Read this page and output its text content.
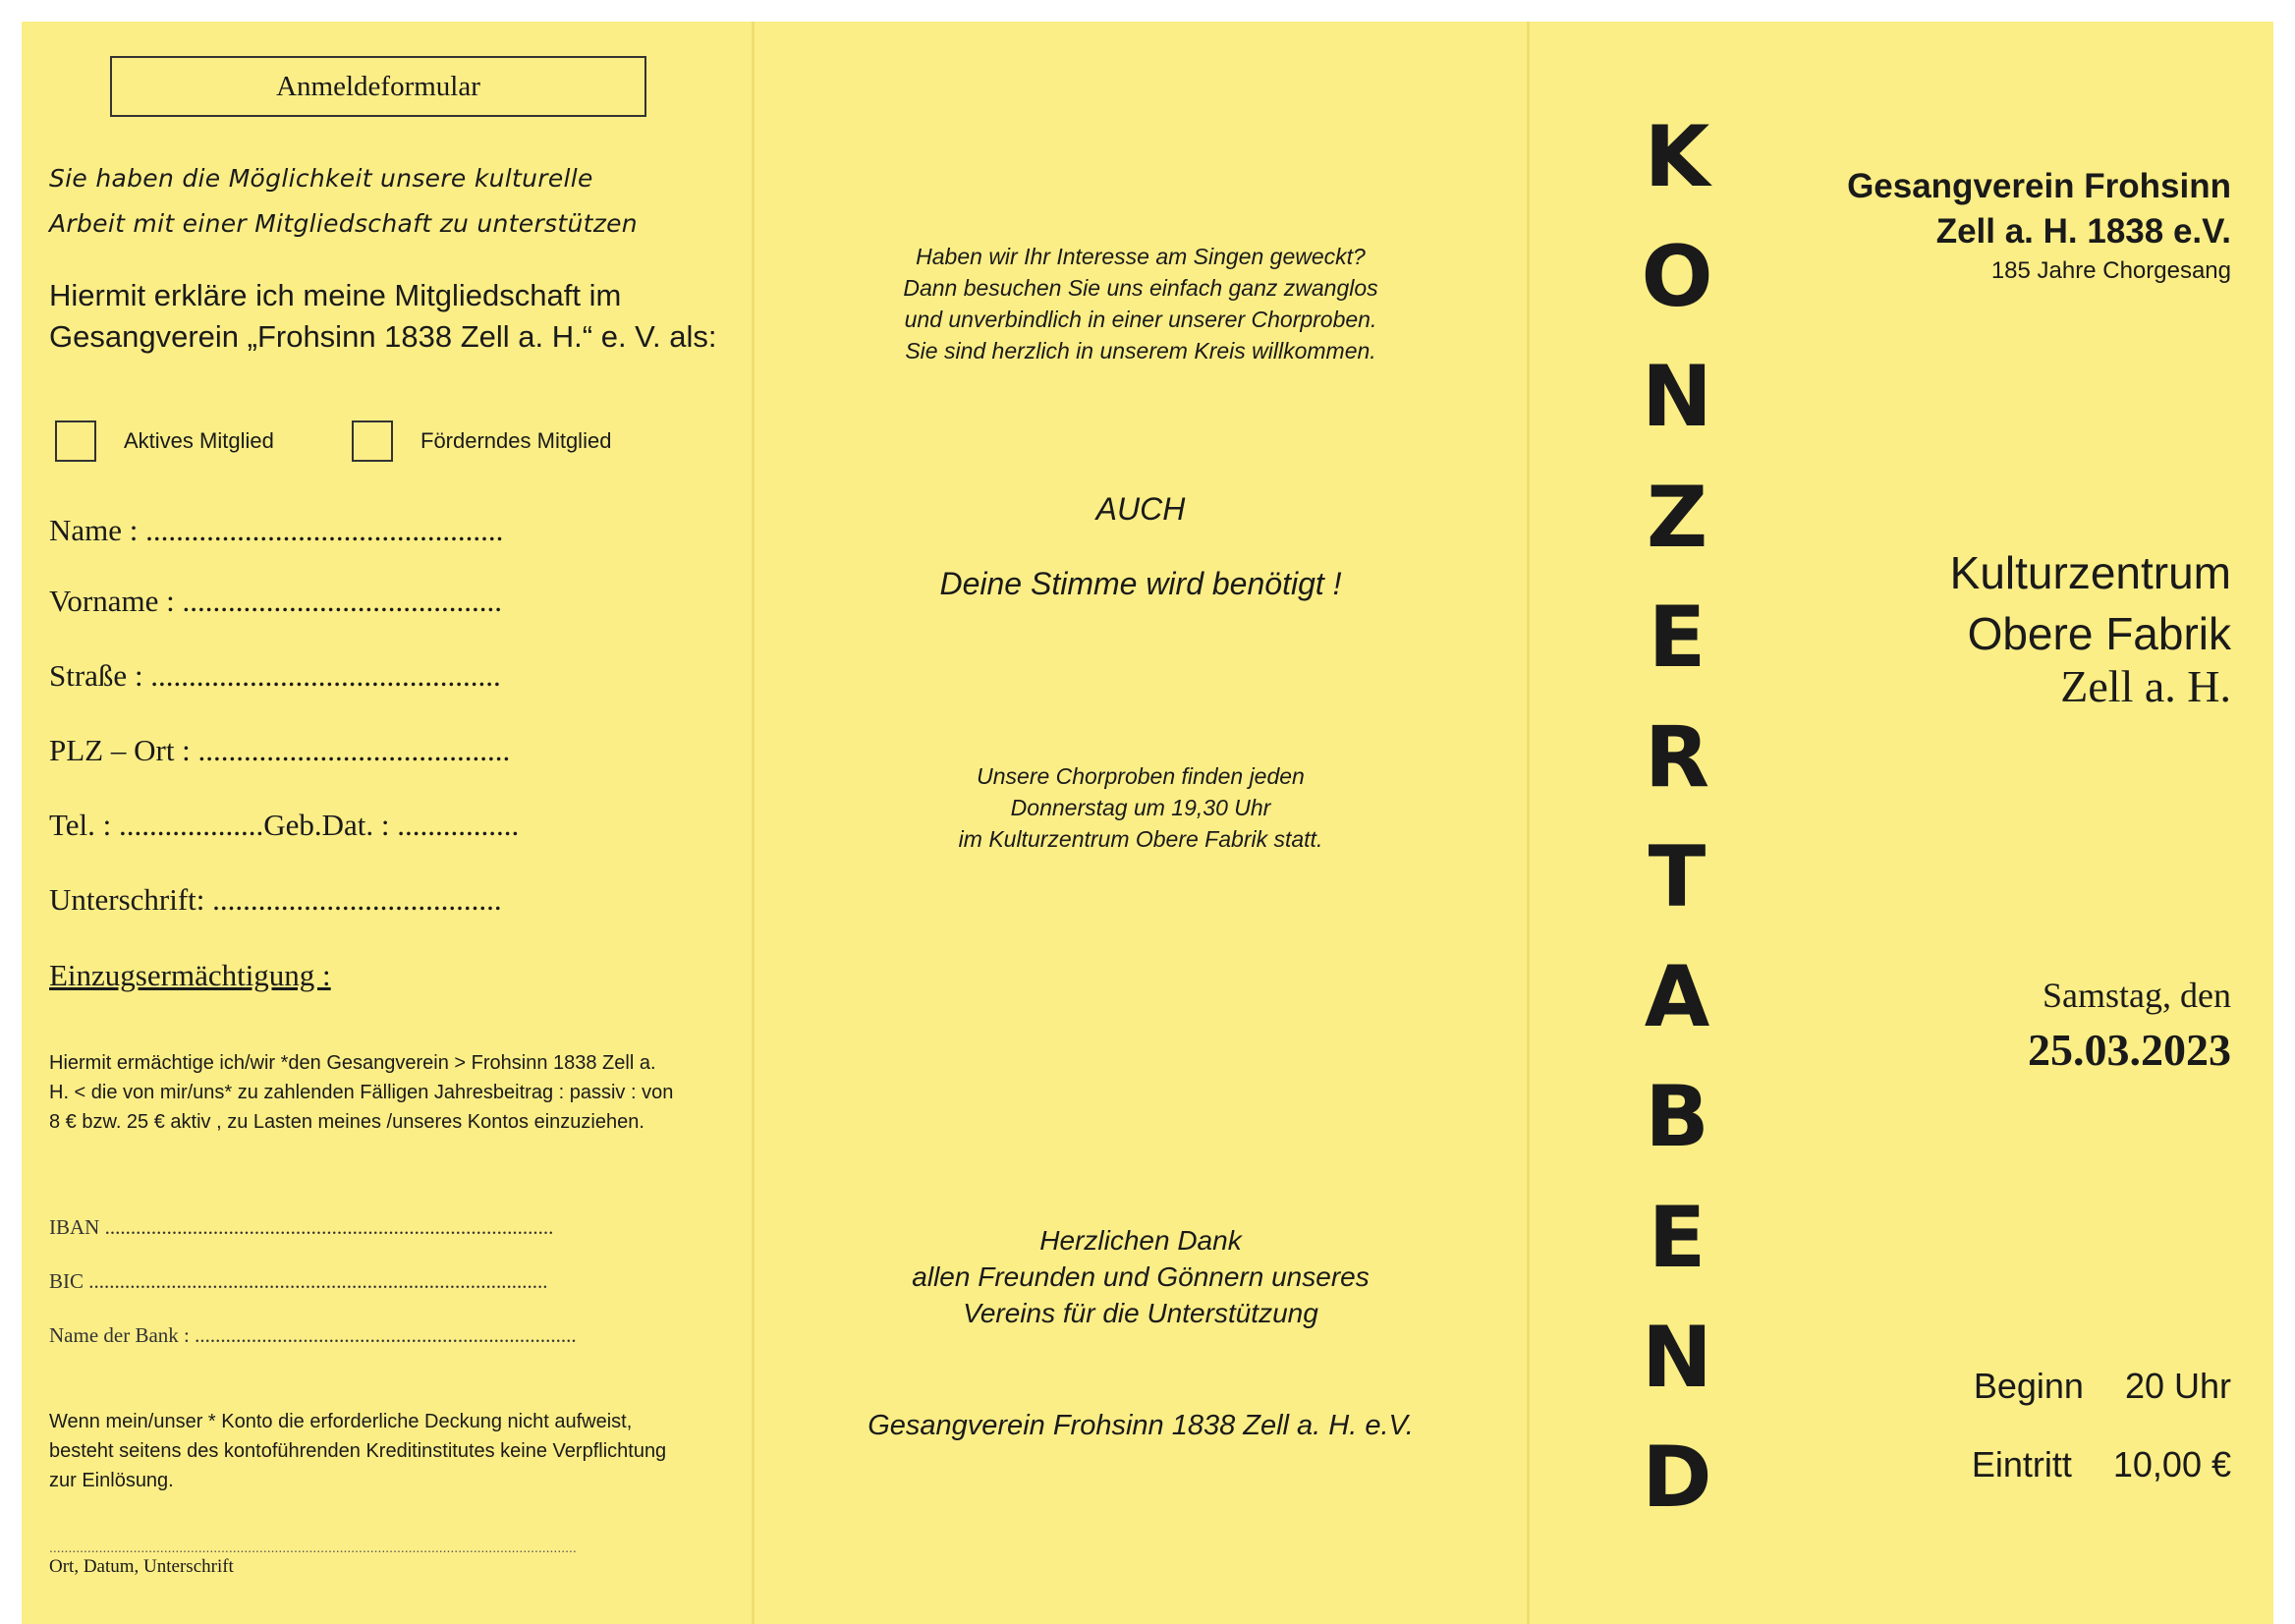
Anmeldeformular
Sie haben die Möglichkeit unsere kulturelle
Arbeit mit einer Mitgliedschaft zu unterstützen
Hiermit erkläre ich meine Mitgliedschaft im Gesangverein „Frohsinn 1838 Zell a. H.“ e. V. als:
Aktives Mitglied	Förderndes Mitglied
Name : ...............................................
Vorname : ..........................................
Straße : ..............................................
PLZ – Ort : .........................................
Tel. : ...................Geb.Dat. : ................
Unterschrift: ......................................
Einzugsermächtigung :
Hiermit ermächtige ich/wir *den Gesangverein > Frohsinn 1838 Zell a. H. < die von mir/uns* zu zahlenden Fälligen Jahresbeitrag : passiv : von 8 € bzw. 25 € aktiv , zu Lasten meines /unseres Kontos einzuziehen.
IBAN .......................................................................................
BIC .........................................................................................
Name der Bank : ..........................................................................
Wenn mein/unser * Konto die erforderliche Deckung nicht aufweist, besteht seitens des kontoführenden Kreditinstitutes keine Verpflichtung zur Einlösung.
..........................................................................................................................................
Ort, Datum, Unterschrift
Haben wir Ihr Interesse am Singen geweckt?
Dann besuchen Sie uns einfach ganz zwanglos
und unverbindlich in einer unserer Chorproben.
Sie sind herzlich in unserem Kreis willkommen.
AUCH
Deine Stimme wird benötigt !
Unsere Chorproben finden jeden
Donnerstag um 19,30 Uhr
im Kulturzentrum Obere Fabrik statt.
Herzlichen Dank
allen Freunden und Gönnern unseres
Vereins für die Unterstützung
Gesangverein Frohsinn 1838 Zell a. H. e.V.
K
O
N
Z
E
R
T
A
B
E
N
D
Gesangverein Frohsinn
Zell a. H. 1838 e.V.
185 Jahre Chorgesang
Kulturzentrum
Obere Fabrik
Zell a. H.
Samstag, den
25.03.2023
Beginn 20 Uhr
Eintritt 10,00 €
